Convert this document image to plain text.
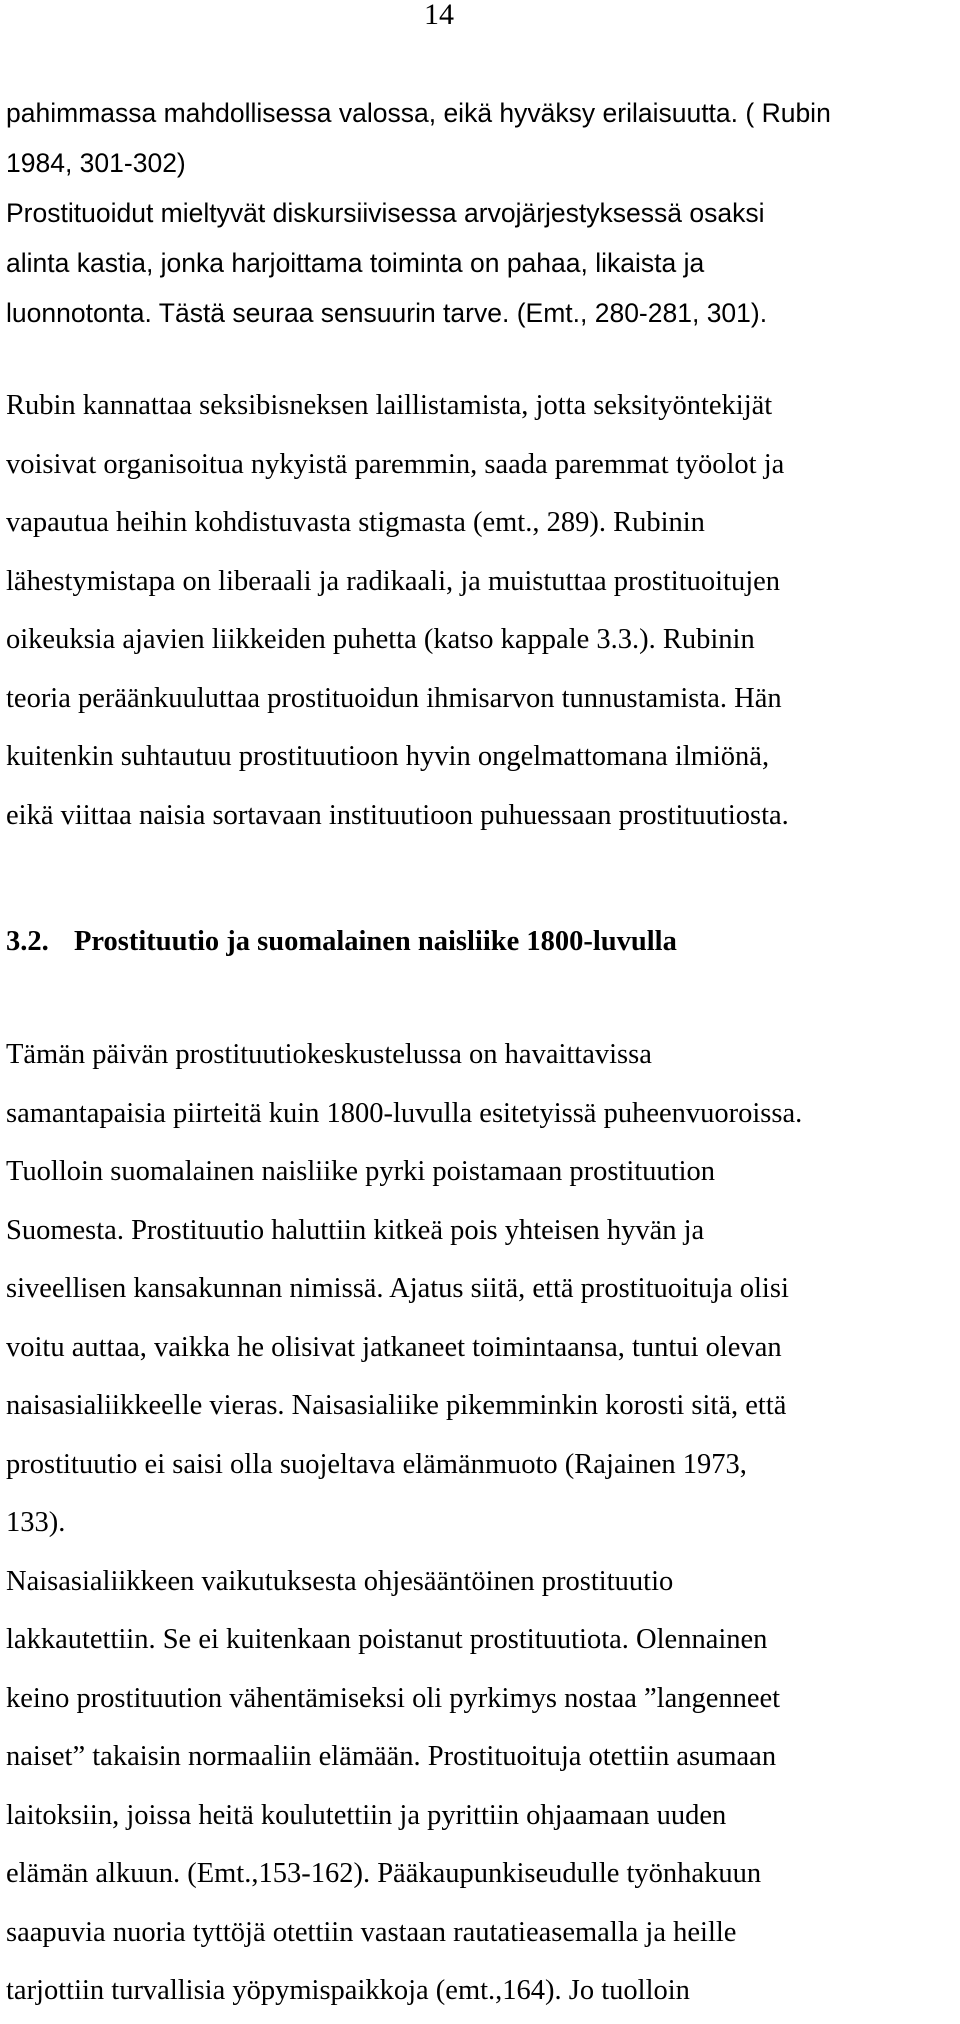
14
pahimmassa mahdollisessa valossa, eikä hyväksy erilaisuutta. ( Rubin
1984, 301-302)
Prostituoidut mieltyvät diskursiivisessa arvojärjestyksessä osaksi
alinta kastia, jonka harjoittama toiminta on pahaa, likaista ja
luonnotonta. Tästä seuraa sensuurin tarve. (Emt., 280-281, 301).
Rubin kannattaa seksibisneksen laillistamista, jotta seksityöntekijät
voisivat organisoitua nykyistä paremmin, saada paremmat työolot ja
vapautua heihin kohdistuvasta stigmasta (emt., 289). Rubinin
lähestymistapa on liberaali ja radikaali, ja muistuttaa prostituoitujen
oikeuksia ajavien liikkeiden puhetta (katso kappale 3.3.). Rubinin
teoria peräänkuuluttaa prostituoidun ihmisarvon tunnustamista. Hän
kuitenkin suhtautuu prostituutioon hyvin ongelmattomana ilmiönä,
eikä viittaa naisia sortavaan instituutioon puhuessaan prostituutiosta.
3.2. Prostituutio ja suomalainen naisliike 1800-luvulla
Tämän päivän prostituutiokeskustelussa on havaittavissa
samantapaisia piirteitä kuin 1800-luvulla esitetyissä puheenvuoroissa.
Tuolloin suomalainen naisliike pyrki poistamaan prostituution
Suomesta. Prostituutio haluttiin kitkeä pois yhteisen hyvän ja
siveellisen kansakunnan nimissä. Ajatus siitä, että prostituoituja olisi
voitu auttaa, vaikka he olisivat jatkaneet toimintaansa, tuntui olevan
naisasialiikkeelle vieras. Naisasialiike pikemminkin korosti sitä, että
prostituutio ei saisi olla suojeltava elämänmuoto (Rajainen 1973,
133).
Naisasialiikkeen vaikutuksesta ohjesääntöinen prostituutio
lakkautettiin. Se ei kuitenkaan poistanut prostituutiota. Olennainen
keino prostituution vähentämiseksi oli pyrkimys nostaa ”langenneet
naiset” takaisin normaaliin elämään. Prostituoituja otettiin asumaan
laitoksiin, joissa heitä koulutettiin ja pyrittiin ohjaamaan uuden
elämän alkuun. (Emt.,153-162). Pääkaupunkiseudulle työnhakuun
saapuvia nuoria tyttöjä otettiin vastaan rautatieasemalla ja heille
tarjottiin turvallisia yöpymispaikkoja (emt.,164). Jo tuolloin
